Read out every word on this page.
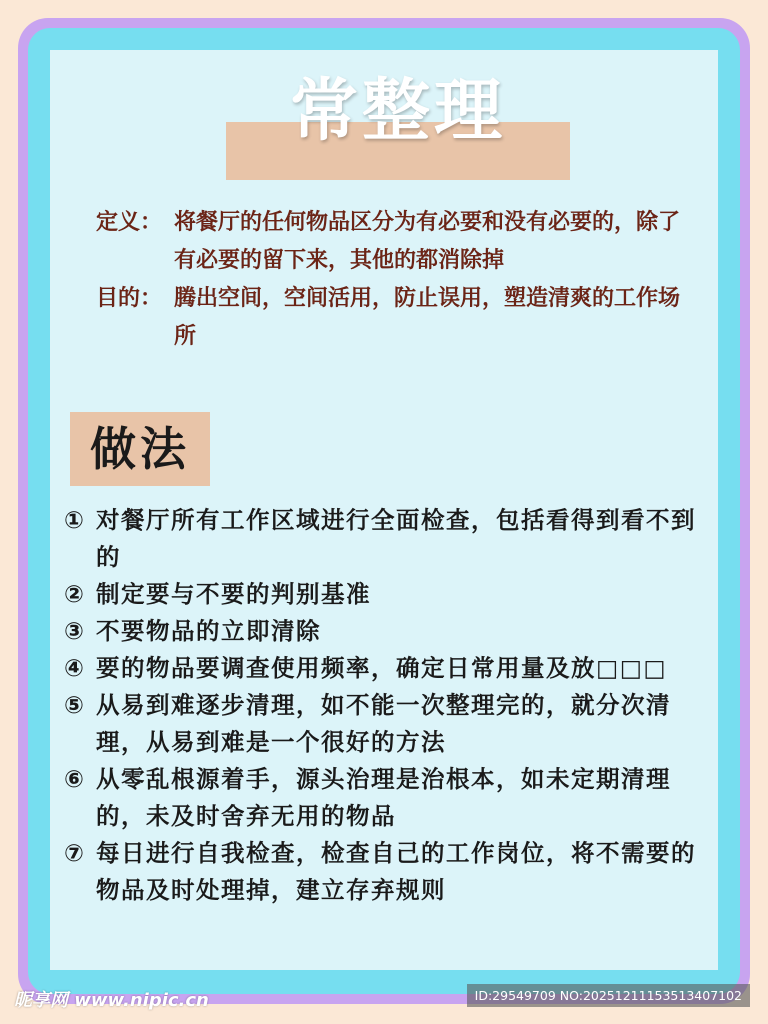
常整理
定义： 将餐厅的任何物品区分为有必要和没有必要的，除了有必要的留下来，其他的都消除掉
目的： 腾出空间，空间活用，防止误用，塑造清爽的工作场所
做法
① 对餐厅所有工作区域进行全面检查，包括看得到看不到的
② 制定要与不要的判别基准
③ 不要物品的立即清除
④ 要的物品要调查使用频率，确定日常用量及放□□□
⑤ 从易到难逐步清理，如不能一次整理完的，就分次清理，从易到难是一个很好的方法
⑥ 从零乱根源着手，源头治理是治根本，如未定期清理的，未及时舍弃无用的物品
⑦ 每日进行自我检查，检查自己的工作岗位，将不需要的物品及时处理掉，建立存弃规则
昵享网 www.nipic.cn	ID:29549709 NO:20251211153513407102
